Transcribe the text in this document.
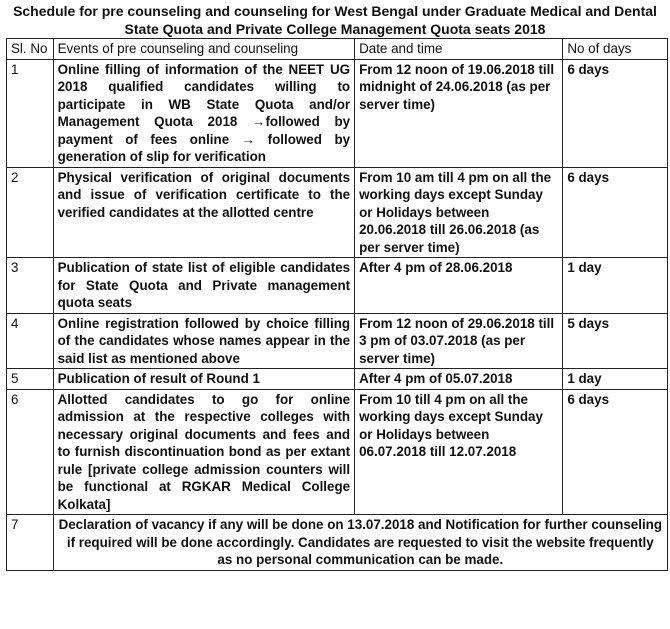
Schedule for pre counseling and counseling for West Bengal under Graduate Medical and Dental State Quota and Private College Management Quota seats 2018
Sl. No	Events of pre counseling and counseling	Date and time	No of days
1	Online filling of information of the NEET UG 2018 qualified candidates willing to participate in WB State Quota and/or Management Quota 2018 →followed by payment of fees online → followed by generation of slip for verification	From 12 noon of 19.06.2018 till midnight of 24.06.2018 (as per server time)	6 days
2	Physical verification of original documents and issue of verification certificate to the verified candidates at the allotted centre	From 10 am till 4 pm on all the working days except Sunday or Holidays between 20.06.2018 till 26.06.2018 (as per server time)	6 days
3	Publication of state list of eligible candidates for State Quota and Private management quota seats	After 4 pm of 28.06.2018	1 day
4	Online registration followed by choice filling of the candidates whose names appear in the said list as mentioned above	From 12 noon of 29.06.2018 till 3 pm of 03.07.2018 (as per server time)	5 days
5	Publication of result of Round 1	After 4 pm of 05.07.2018	1 day
6	Allotted candidates to go for online admission at the respective colleges with necessary original documents and fees and to furnish discontinuation bond as per extant rule [private college admission counters will be functional at RGKAR Medical College Kolkata]	From 10 till 4 pm on all the working days except Sunday or Holidays between 06.07.2018 till 12.07.2018	6 days
7	Declaration of vacancy if any will be done on 13.07.2018 and Notification for further counseling if required will be done accordingly. Candidates are requested to visit the website frequently as no personal communication can be made.		
